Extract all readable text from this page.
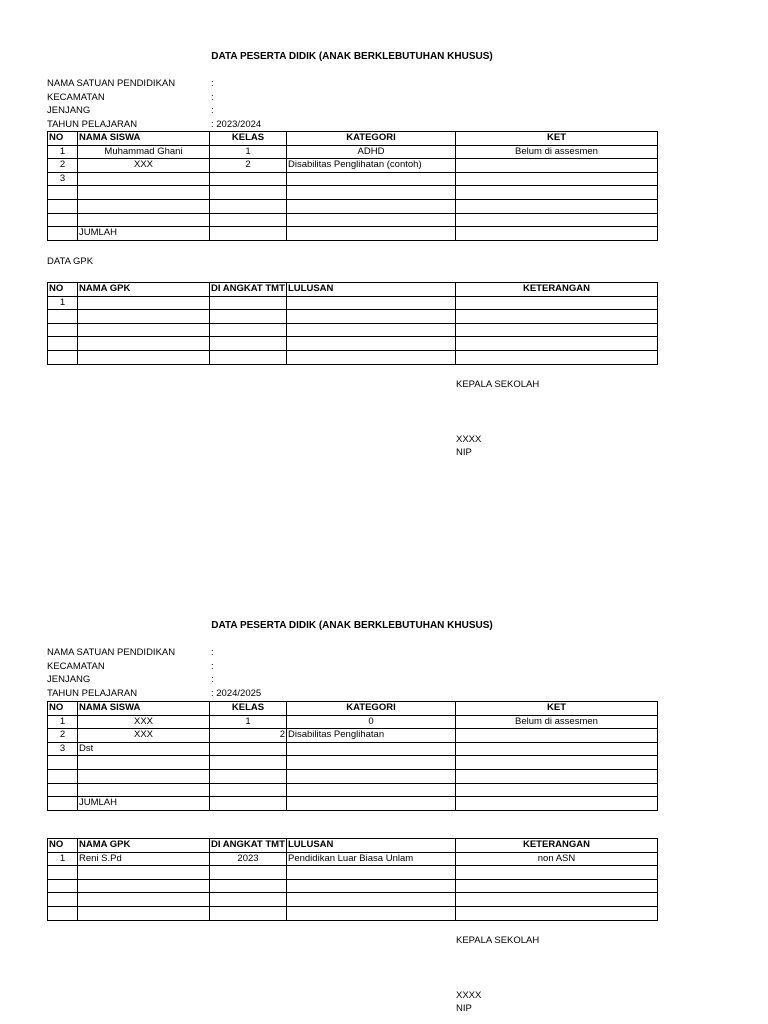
DATA PESERTA DIDIK (ANAK BERKLEBUTUHAN KHUSUS)
NAMA SATUAN PENDIDIKAN	:
KECAMATAN	:
JENJANG	:
TAHUN PELAJARAN	: 2023/2024
NO	NAMA SISWA	KELAS	KATEGORI	KET
1	Muhammad Ghani	1	ADHD	Belum di assesmen
2	XXX	2	Disabilitas Penglihatan (contoh)	
3				

	JUMLAH			
DATA GPK
NO	NAMA GPK	DI ANGKAT TMT	LULUSAN	KETERANGAN
1				

KEPALA SEKOLAH
XXXX
NIP
DATA PESERTA DIDIK (ANAK BERKLEBUTUHAN KHUSUS)
NAMA SATUAN PENDIDIKAN	:
KECAMATAN	:
JENJANG	:
TAHUN PELAJARAN	: 2024/2025
NO	NAMA SISWA	KELAS	KATEGORI	KET
1	XXX	1	0	Belum di assesmen
2	XXX	2	Disabilitas Penglihatan	
3	Dst			

	JUMLAH			
NO	NAMA GPK	DI ANGKAT TMT	LULUSAN	KETERANGAN
1	Reni S.Pd	2023	Pendidikan Luar Biasa Unlam	non ASN

KEPALA SEKOLAH
XXXX
NIP
